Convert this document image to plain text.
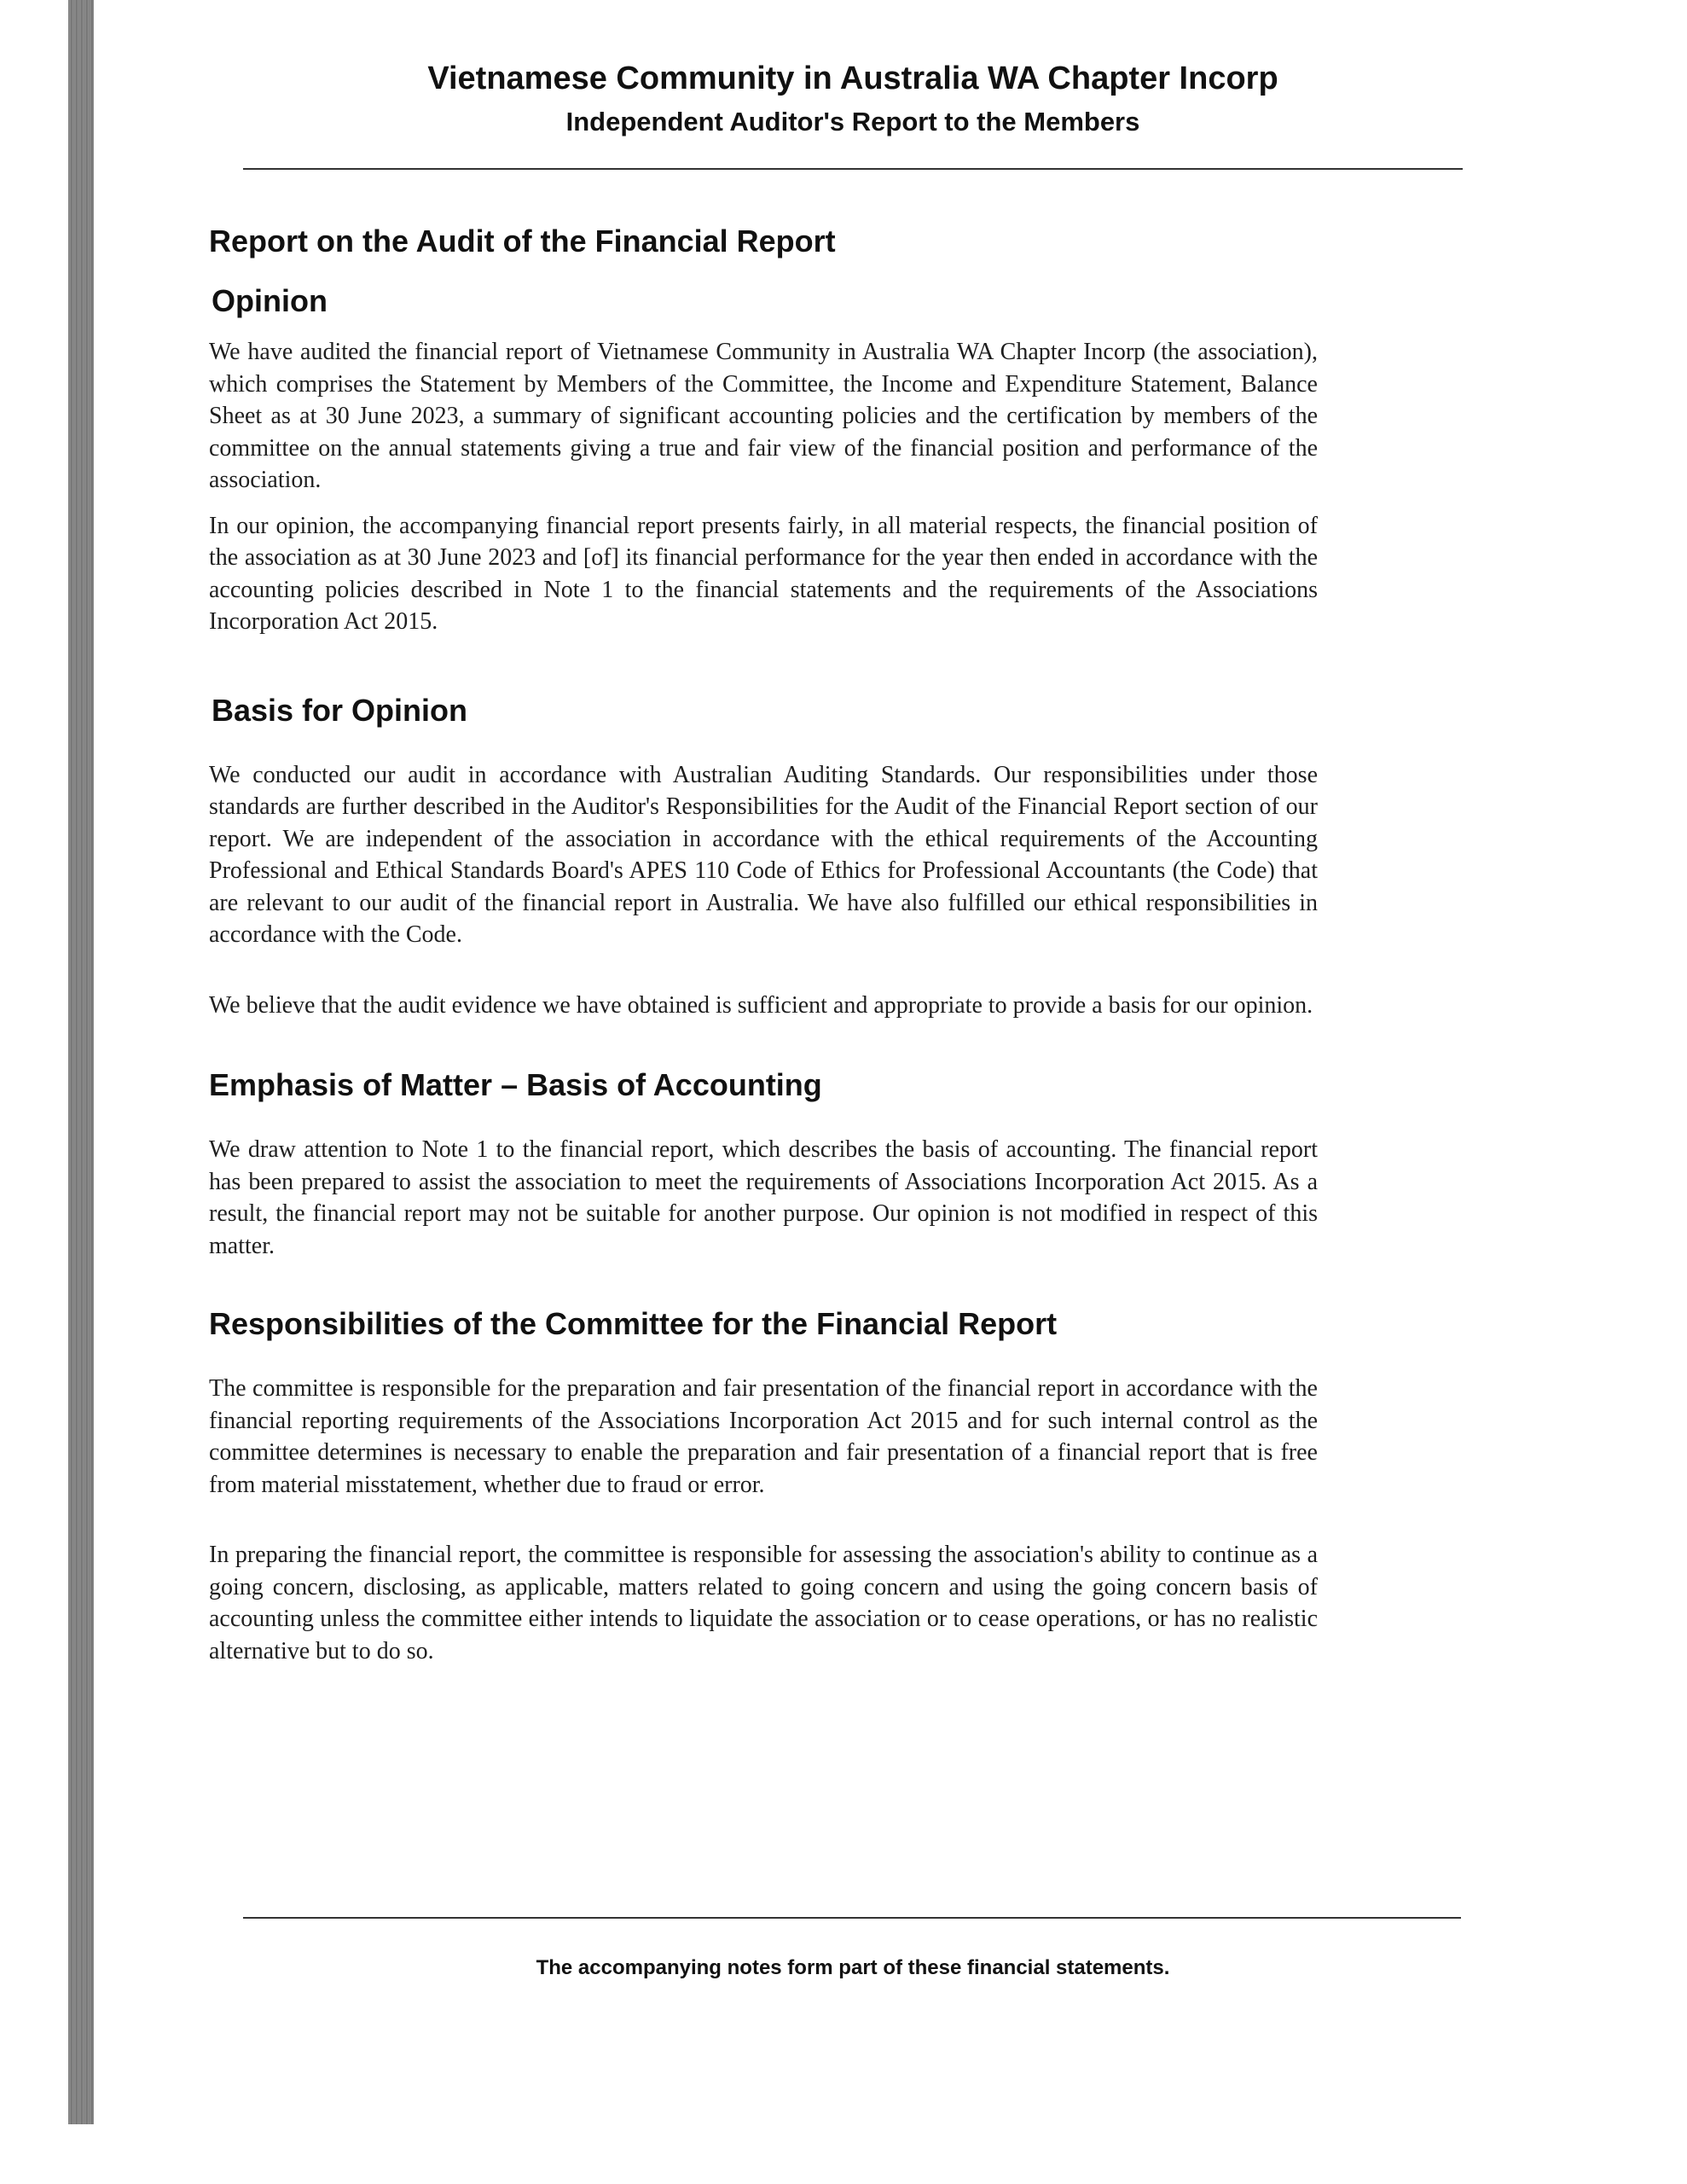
Vietnamese Community in Australia WA Chapter Incorp
Independent Auditor's Report to the Members
Report on the Audit of the Financial Report
Opinion

We have audited the financial report of Vietnamese Community in Australia WA Chapter Incorp (the association), which comprises the Statement by Members of the Committee, the Income and Expenditure Statement, Balance Sheet as at 30 June 2023, a summary of significant accounting policies and the certification by members of the committee on the annual statements giving a true and fair view of the financial position and performance of the association.

In our opinion, the accompanying financial report presents fairly, in all material respects, the financial position of the association as at 30 June 2023 and [of] its financial performance for the year then ended in accordance with the accounting policies described in Note 1 to the financial statements and the requirements of the Associations Incorporation Act 2015.

Basis for Opinion

We conducted our audit in accordance with Australian Auditing Standards. Our responsibilities under those standards are further described in the Auditor's Responsibilities for the Audit of the Financial Report section of our report. We are independent of the association in accordance with the ethical requirements of the Accounting Professional and Ethical Standards Board's APES 110 Code of Ethics for Professional Accountants (the Code) that are relevant to our audit of the financial report in Australia. We have also fulfilled our ethical responsibilities in accordance with the Code.

We believe that the audit evidence we have obtained is sufficient and appropriate to provide a basis for our opinion.

Emphasis of Matter – Basis of Accounting

We draw attention to Note 1 to the financial report, which describes the basis of accounting. The financial report has been prepared to assist the association to meet the requirements of Associations Incorporation Act 2015. As a result, the financial report may not be suitable for another purpose. Our opinion is not modified in respect of this matter.

Responsibilities of the Committee for the Financial Report

The committee is responsible for the preparation and fair presentation of the financial report in accordance with the financial reporting requirements of the Associations Incorporation Act 2015 and for such internal control as the committee determines is necessary to enable the preparation and fair presentation of a financial report that is free from material misstatement, whether due to fraud or error.

In preparing the financial report, the committee is responsible for assessing the association's ability to continue as a going concern, disclosing, as applicable, matters related to going concern and using the going concern basis of accounting unless the committee either intends to liquidate the association or to cease operations, or has no realistic alternative but to do so.

The accompanying notes form part of these financial statements.
